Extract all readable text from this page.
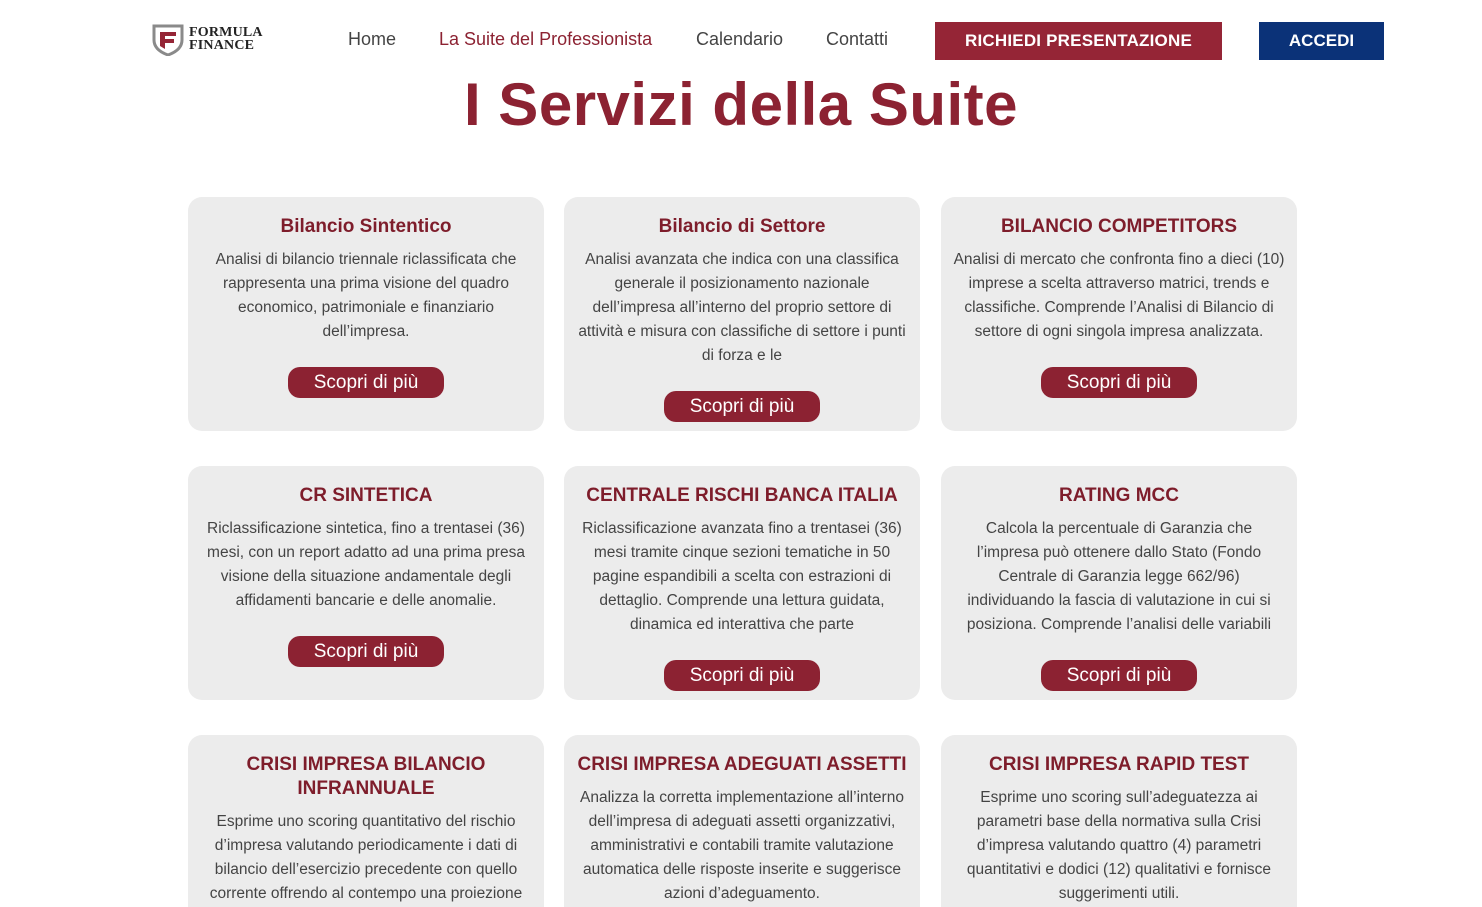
FORMULA
FINANCE	Home La Suite del Professionista Calendario Contatti	RICHIEDI PRESENTAZIONE	ACCEDI
I Servizi della Suite
Bilancio Sintentico
Analisi di bilancio triennale riclassificata che rappresenta una prima visione del quadro economico, patrimoniale e finanziario dell’impresa.
Scopri di più
Bilancio di Settore
Analisi avanzata che indica con una classifica generale il posizionamento nazionale dell’impresa all’interno del proprio settore di attività e misura con classifiche di settore i punti di forza e le
Scopri di più
BILANCIO COMPETITORS
Analisi di mercato che confronta fino a dieci (10) imprese a scelta attraverso matrici, trends e classifiche. Comprende l’Analisi di Bilancio di settore di ogni singola impresa analizzata.
Scopri di più
CR SINTETICA
Riclassificazione sintetica, fino a trentasei (36) mesi, con un report adatto ad una prima presa visione della situazione andamentale degli affidamenti bancarie e delle anomalie.
Scopri di più
CENTRALE RISCHI BANCA ITALIA
Riclassificazione avanzata fino a trentasei (36) mesi tramite cinque sezioni tematiche in 50 pagine espandibili a scelta con estrazioni di dettaglio. Comprende una lettura guidata, dinamica ed interattiva che parte
Scopri di più
RATING MCC
Calcola la percentuale di Garanzia che l’impresa può ottenere dallo Stato (Fondo Centrale di Garanzia legge 662/96) individuando la fascia di valutazione in cui si posiziona. Comprende l’analisi delle variabili
Scopri di più
CRISI IMPRESA BILANCIO INFRANNUALE
Esprime uno scoring quantitativo del rischio d’impresa valutando periodicamente i dati di bilancio dell’esercizio precedente con quello corrente offrendo al contempo una proiezione
CRISI IMPRESA ADEGUATI ASSETTI
Analizza la corretta implementazione all’interno dell’impresa di adeguati assetti organizzativi, amministrativi e contabili tramite valutazione automatica delle risposte inserite e suggerisce azioni d’adeguamento.
CRISI IMPRESA RAPID TEST
Esprime uno scoring sull’adeguatezza ai parametri base della normativa sulla Crisi d’impresa valutando quattro (4) parametri quantitativi e dodici (12) qualitativi e fornisce suggerimenti utili.
